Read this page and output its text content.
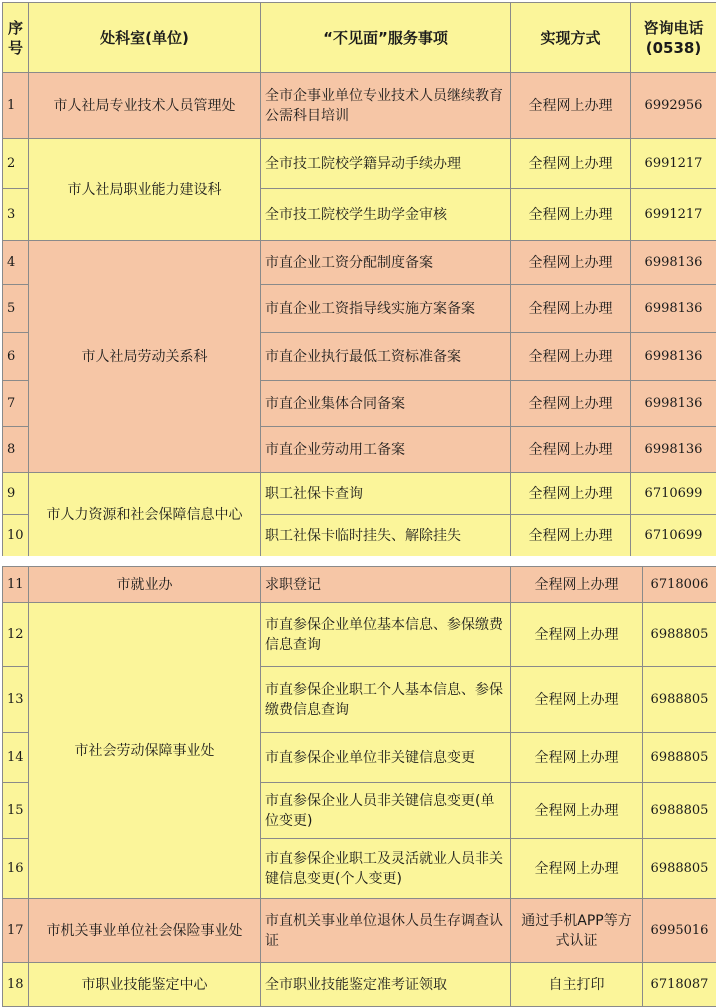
序号	处科室(单位)	“不见面”服务事项	实现方式	咨询电话(0538)
1	市人社局专业技术人员管理处	全市企事业单位专业技术人员继续教育公需科目培训	全程网上办理	6992956
2	市人社局职业能力建设科	全市技工院校学籍异动手续办理	全程网上办理	6991217
3		全市技工院校学生助学金审核	全程网上办理	6991217
4	市人社局劳动关系科	市直企业工资分配制度备案	全程网上办理	6998136
5		市直企业工资指导线实施方案备案	全程网上办理	6998136
6		市直企业执行最低工资标准备案	全程网上办理	6998136
7		市直企业集体合同备案	全程网上办理	6998136
8		市直企业劳动用工备案	全程网上办理	6998136
9	市人力资源和社会保障信息中心	职工社保卡查询	全程网上办理	6710699
10		职工社保卡临时挂失、解除挂失	全程网上办理	6710699
11	市就业办	求职登记	全程网上办理	6718006
12	市社会劳动保障事业处	市直参保企业单位基本信息、参保缴费信息查询	全程网上办理	6988805
13		市直参保企业职工个人基本信息、参保缴费信息查询	全程网上办理	6988805
14		市直参保企业单位非关键信息变更	全程网上办理	6988805
15		市直参保企业人员非关键信息变更(单位变更)	全程网上办理	6988805
16		市直参保企业职工及灵活就业人员非关键信息变更(个人变更)	全程网上办理	6988805
17	市机关事业单位社会保险事业处	市直机关事业单位退休人员生存调查认证	通过手机APP等方式认证	6995016
18	市职业技能鉴定中心	全市职业技能鉴定准考证领取	自主打印	6718087
